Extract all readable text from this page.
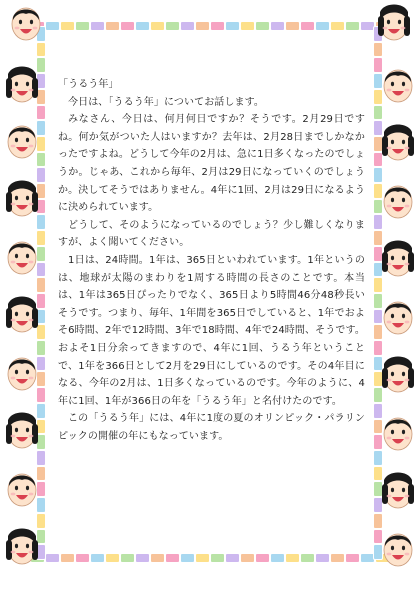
「うるう年」

今日は、「うるう年」についてお話します。

みなさん、今日は、何月何日ですか？そうです。2月29日ですね。何か気がついた人はいますか？去年は、2月28日までしかなかったですよね。どうして今年の2月は、急に1日多くなったのでしょうか。じゃあ、これから毎年、2月は29日になっていくのでしょうか。決してそうではありません。4年に1回、2月は29日になるように決められています。

どうして、そのようになっているのでしょう？少し難しくなりますが、よく聞いてください。

1日は、24時間。1年は、365日といわれています。1年というのは、地球が太陽のまわりを1周する時間の長さのことです。本当は、1年は365日ぴったりでなく、365日より5時間46分48秒長いそうです。つまり、毎年、1年間を365日でしていると、1年でおよそ6時間、2年で12時間、3年で18時間、4年で24時間、そうです。およそ1日分余ってきますので、4年に1回、うるう年ということで、1年を366日として2月を29日にしているのです。その4年目になる、今年の2月は、1日多くなっているのです。今年のように、4年に1回、1年が366日の年を「うるう年」と名付けたのです。

この「うるう年」には、4年に1度の夏のオリンピック・パラリンピックの開催の年にもなっています。
